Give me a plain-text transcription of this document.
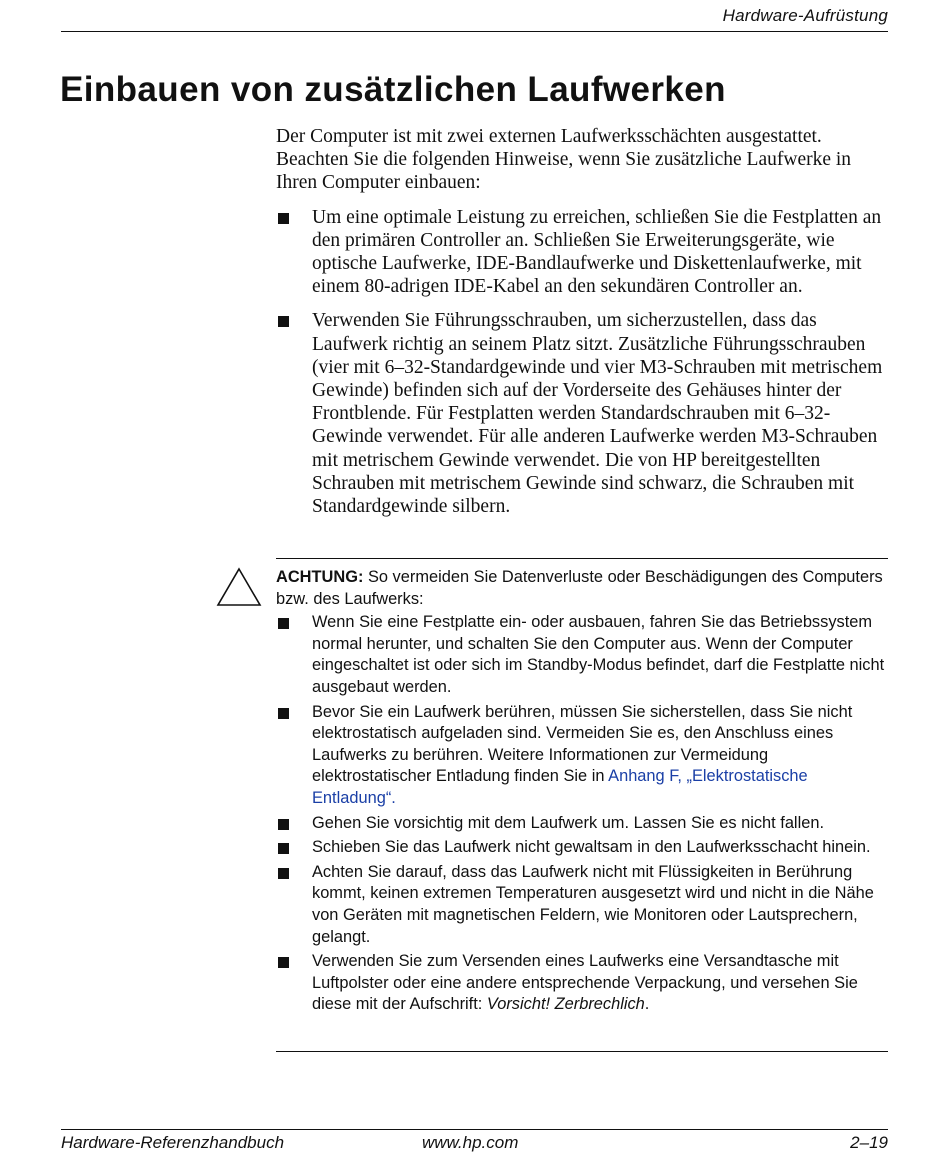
Hardware-Aufrüstung
Einbauen von zusätzlichen Laufwerken

Der Computer ist mit zwei externen Laufwerksschächten ausgestattet. Beachten Sie die folgenden Hinweise, wenn Sie zusätzliche Laufwerke in Ihren Computer einbauen:

Um eine optimale Leistung zu erreichen, schließen Sie die Festplatten an den primären Controller an. Schließen Sie Erweiterungsgeräte, wie optische Laufwerke, IDE-Bandlaufwerke und Diskettenlaufwerke, mit einem 80-adrigen IDE-Kabel an den sekundären Controller an.
Verwenden Sie Führungsschrauben, um sicherzustellen, dass das Laufwerk richtig an seinem Platz sitzt. Zusätzliche Führungsschrauben (vier mit 6–32-Standardgewinde und vier M3-Schrauben mit metrischem Gewinde) befinden sich auf der Vorderseite des Gehäuses hinter der Frontblende. Für Festplatten werden Standardschrauben mit 6–32-Gewinde verwendet. Für alle anderen Laufwerke werden M3-Schrauben mit metrischem Gewinde verwendet. Die von HP bereitgestellten Schrauben mit metrischem Gewinde sind schwarz, die Schrauben mit Standardgewinde silbern.

ACHTUNG: So vermeiden Sie Datenverluste oder Beschädigungen des Computers bzw. des Laufwerks:

Wenn Sie eine Festplatte ein- oder ausbauen, fahren Sie das Betriebssystem normal herunter, und schalten Sie den Computer aus. Wenn der Computer eingeschaltet ist oder sich im Standby-Modus befindet, darf die Festplatte nicht ausgebaut werden.
Bevor Sie ein Laufwerk berühren, müssen Sie sicherstellen, dass Sie nicht elektrostatisch aufgeladen sind. Vermeiden Sie es, den Anschluss eines Laufwerks zu berühren. Weitere Informationen zur Vermeidung elektrostatischer Entladung finden Sie in Anhang F, „Elektrostatische Entladung“.
Gehen Sie vorsichtig mit dem Laufwerk um. Lassen Sie es nicht fallen.
Schieben Sie das Laufwerk nicht gewaltsam in den Laufwerksschacht hinein.
Achten Sie darauf, dass das Laufwerk nicht mit Flüssigkeiten in Berührung kommt, keinen extremen Temperaturen ausgesetzt wird und nicht in die Nähe von Geräten mit magnetischen Feldern, wie Monitoren oder Lautsprechern, gelangt.
Verwenden Sie zum Versenden eines Laufwerks eine Versandtasche mit Luftpolster oder eine andere entsprechende Verpackung, und versehen Sie diese mit der Aufschrift: Vorsicht! Zerbrechlich.
Hardware-Referenzhandbuch	www.hp.com	2–19
